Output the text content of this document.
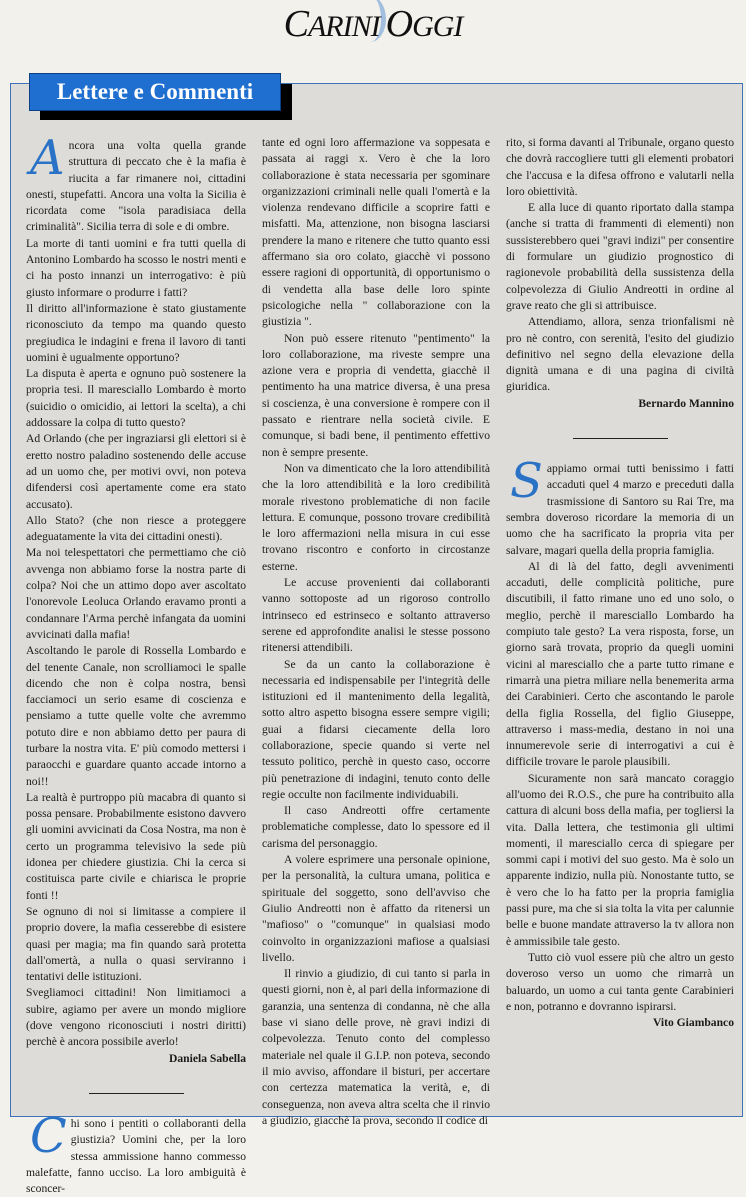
CARINI OGGI
Lettere e Commenti

Ancora una volta quella grande struttura di peccato che è la mafia è riucita a far rimanere noi, cittadini onesti, stupefatti. Ancora una volta la Sicilia è ricordata come "isola paradisiaca della criminalità". Sicilia terra di sole e di ombre.

La morte di tanti uomini e fra tutti quella di Antonino Lombardo ha scosso le nostri menti e ci ha posto innanzi un interrogativo: è più giusto informare o produrre i fatti?

Il diritto all'informazione è stato giustamente riconosciuto da tempo ma quando questo pregiudica le indagini e frena il lavoro di tanti uomini è ugualmente opportuno?

La disputa è aperta e ognuno può sostenere la propria tesi. Il maresciallo Lombardo è morto (suicidio o omicidio, ai lettori la scelta), a chi addossare la colpa di tutto questo?

Ad Orlando (che per ingraziarsi gli elettori si è eretto nostro paladino sostenendo delle accuse ad un uomo che, per motivi ovvi, non poteva difendersi così apertamente come era stato accusato).

Allo Stato? (che non riesce a proteggere adeguatamente la vita dei cittadini onesti).

Ma noi telespettatori che permettiamo che ciò avvenga non abbiamo forse la nostra parte di colpa? Noi che un attimo dopo aver ascoltato l'onorevole Leoluca Orlando eravamo pronti a condannare l'Arma perchè infangata da uomini avvicinati dalla mafia!

Ascoltando le parole di Rossella Lombardo e del tenente Canale, non scrolliamoci le spalle dicendo che non è colpa nostra, bensì facciamoci un serio esame di coscienza e pensiamo a tutte quelle volte che avremmo potuto dire e non abbiamo detto per paura di turbare la nostra vita. E' più comodo mettersi i paraocchi e guardare quanto accade intorno a noi!!

La realtà è purtroppo più macabra di quanto si possa pensare. Probabilmente esistono davvero gli uomini avvicinati da Cosa Nostra, ma non è certo un programma televisivo la sede più idonea per chiedere giustizia. Chi la cerca si costituisca parte civile e chiarisca le proprie fonti !!

Se ognuno di noi si limitasse a compiere il proprio dovere, la mafia cesserebbe di esistere quasi per magia; ma fin quando sarà protetta dall'omertà, a nulla o quasi serviranno i tentativi delle istituzioni.

Svegliamoci cittadini! Non limitiamoci a subire, agiamo per avere un mondo migliore (dove vengono riconosciuti i nostri diritti) perchè è ancora possibile averlo!

Daniela Sabella

Chi sono i pentiti o collaboranti della giustizia? Uomini che, per la loro stessa ammissione hanno commesso malefatte, fanno ucciso. La loro ambiguità è sconcer-

tante ed ogni loro affermazione va soppesata e passata ai raggi x. Vero è che la loro collaborazione è stata necessaria per sgominare organizzazioni criminali nelle quali l'omertà e la violenza rendevano difficile a scoprire fatti e misfatti. Ma, attenzione, non bisogna lasciarsi prendere la mano e ritenere che tutto quanto essi affermano sia oro colato, giacchè vi possono essere ragioni di opportunità, di opportunismo o di vendetta alla base delle loro spinte psicologiche nella " collaborazione con la giustizia ".

Non può essere ritenuto "pentimento" la loro collaborazione, ma riveste sempre una azione vera e propria di vendetta, giacchè il pentimento ha una matrice diversa, è una presa si coscienza, è una conversione è rompere con il passato e rientrare nella società civile. E comunque, si badi bene, il pentimento effettivo non è sempre presente.

Non va dimenticato che la loro attendibilità che la loro attendibilità e la loro credibilità morale rivestono problematiche di non facile lettura. E comunque, possono trovare credibilità le loro affermazioni nella misura in cui esse trovano riscontro e conforto in circostanze esterne.

Le accuse provenienti dai collaboranti vanno sottoposte ad un rigoroso controllo intrinseco ed estrinseco e soltanto attraverso serene ed approfondite analisi le stesse possono ritenersi attendibili.

Se da un canto la collaborazione è necessaria ed indispensabile per l'integrità delle istituzioni ed il mantenimento della legalità, sotto altro aspetto bisogna essere sempre vigili; guai a fidarsi ciecamente della loro collaborazione, specie quando si verte nel tessuto politico, perchè in questo caso, occorre più penetrazione di indagini, tenuto conto delle regie occulte non facilmente individuabili.

Il caso Andreotti offre certamente problematiche complesse, dato lo spessore ed il carisma del personaggio.

A volere esprimere una personale opinione, per la personalità, la cultura umana, politica e spirituale del soggetto, sono dell'avviso che Giulio Andreotti non è affatto da ritenersi un "mafioso" o "comunque" in qualsiasi modo coinvolto in organizzazioni mafiose a qualsiasi livello.

Il rinvio a giudizio, di cui tanto si parla in questi giorni, non è, al pari della informazione di garanzia, una sentenza di condanna, nè che alla base vi siano delle prove, nè gravi indizi di colpevolezza. Tenuto conto del complesso materiale nel quale il G.I.P. non poteva, secondo il mio avviso, affondare il bisturi, per accertare con certezza matematica la verità, e, di conseguenza, non aveva altra scelta che il rinvio a giudizio, giacchè la prova, secondo il codice di

rito, si forma davanti al Tribunale, organo questo che dovrà raccogliere tutti gli elementi probatori che l'accusa e la difesa offrono e valutarli nella loro obiettività.

E alla luce di quanto riportato dalla stampa (anche si tratta di frammenti di elementi) non sussisterebbero quei "gravi indizi" per consentire di formulare un giudizio prognostico di ragionevole probabilità della sussistenza della colpevolezza di Giulio Andreotti in ordine al grave reato che gli si attribuisce.

Attendiamo, allora, senza trionfalismi nè pro nè contro, con serenità, l'esito del giudizio definitivo nel segno della elevazione della dignità umana e di una pagina di civiltà giuridica.

Bernardo Mannino

Sappiamo ormai tutti benissimo i fatti accaduti quel 4 marzo e preceduti dalla trasmissione di Santoro su Rai Tre, ma sembra doveroso ricordare la memoria di un uomo che ha sacrificato la propria vita per salvare, magari quella della propria famiglia.

Al di là del fatto, degli avvenimenti accaduti, delle complicità politiche, pure discutibili, il fatto rimane uno ed uno solo, o meglio, perchè il maresciallo Lombardo ha compiuto tale gesto? La vera risposta, forse, un giorno sarà trovata, proprio da quegli uomini vicini al maresciallo che a parte tutto rimane e rimarrà una pietra miliare nella benemerita arma dei Carabinieri. Certo che ascontando le parole della figlia Rossella, del figlio Giuseppe, attraverso i mass-media, destano in noi una innumerevole serie di interrogativi a cui è difficile trovare le parole plausibili.

Sicuramente non sarà mancato coraggio all'uomo dei R.O.S., che pure ha contribuito alla cattura di alcuni boss della mafia, per togliersi la vita. Dalla lettera, che testimonia gli ultimi momenti, il maresciallo cerca di spiegare per sommi capi i motivi del suo gesto. Ma è solo un apparente indizio, nulla più. Nonostante tutto, se è vero che lo ha fatto per la propria famiglia passi pure, ma che si sia tolta la vita per calunnie belle e buone mandate attraverso la tv allora non è ammissibile tale gesto.

Tutto ciò vuol essere più che altro un gesto doveroso verso un uomo che rimarrà un baluardo, un uomo a cui tanta gente Carabinieri e non, potranno e dovranno ispirarsi.

Vito Giambanco
